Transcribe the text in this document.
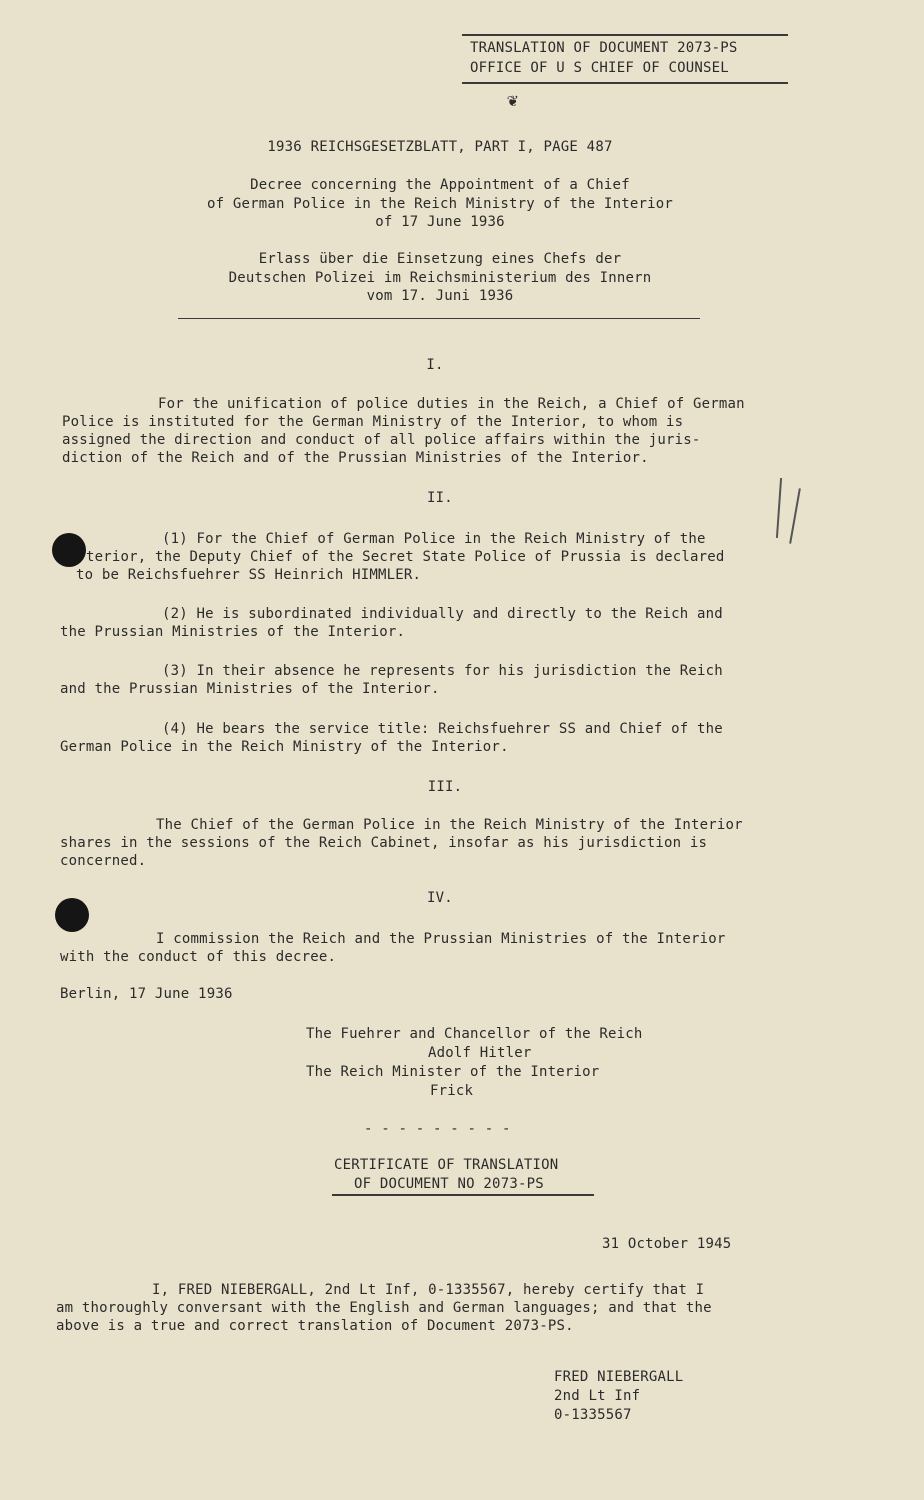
TRANSLATION OF DOCUMENT 2073-PS
OFFICE OF U S CHIEF OF COUNSEL
❦
1936 REICHSGESETZBLATT, PART I, PAGE 487
Decree concerning the Appointment of a Chief
of German Police in the Reich Ministry of the Interior
of 17 June 1936
Erlass über die Einsetzung eines Chefs der
Deutschen Polizei im Reichsministerium des Innern
vom 17. Juni 1936
I.
For the unification of police duties in the Reich, a Chief of German
Police is instituted for the German Ministry of the Interior, to whom is
assigned the direction and conduct of all police affairs within the juris-
diction of the Reich and of the Prussian Ministries of the Interior.
II.
(1) For the Chief of German Police in the Reich Ministry of the
terior, the Deputy Chief of the Secret State Police of Prussia is declared
to be Reichsfuehrer SS Heinrich HIMMLER.
(2) He is subordinated individually and directly to the Reich and
the Prussian Ministries of the Interior.
(3) In their absence he represents for his jurisdiction the Reich
and the Prussian Ministries of the Interior.
(4) He bears the service title: Reichsfuehrer SS and Chief of the
German Police in the Reich Ministry of the Interior.
III.
The Chief of the German Police in the Reich Ministry of the Interior
shares in the sessions of the Reich Cabinet, insofar as his jurisdiction is
concerned.
IV.
I commission the Reich and the Prussian Ministries of the Interior
with the conduct of this decree.
Berlin, 17 June 1936
The Fuehrer and Chancellor of the Reich
Adolf Hitler
The Reich Minister of the Interior
Frick
- - - - - - - - -
CERTIFICATE OF TRANSLATION
OF DOCUMENT NO 2073-PS
31 October 1945
I, FRED NIEBERGALL, 2nd Lt Inf, 0-1335567, hereby certify that I
am thoroughly conversant with the English and German languages; and that the
above is a true and correct translation of Document 2073-PS.
FRED NIEBERGALL
2nd Lt Inf
0-1335567
